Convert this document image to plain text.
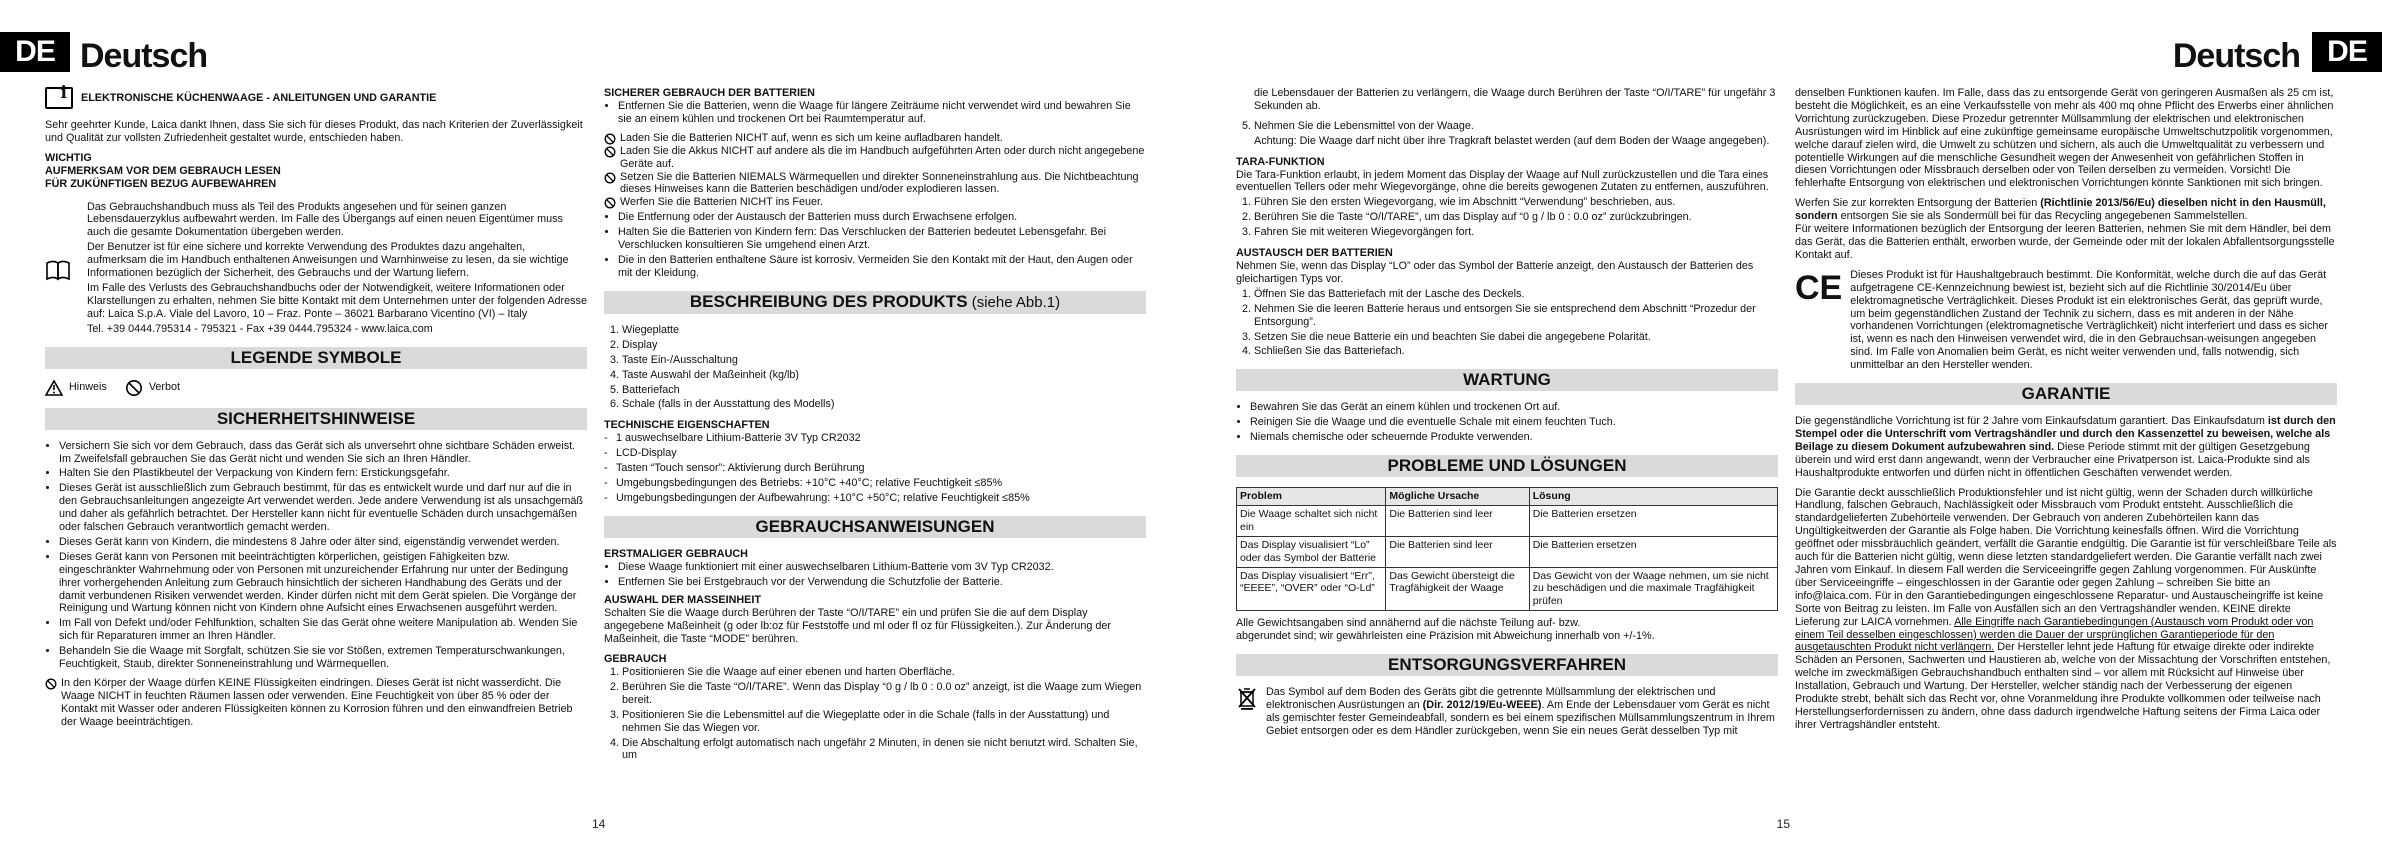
DE Deutsch
i
ELEKTRONISCHE KÜCHENWAAGE - ANLEITUNGEN UND GARANTIE

Sehr geehrter Kunde, Laica dankt Ihnen, dass Sie sich für dieses Produkt, das nach Kriterien der Zuverlässigkeit und Qualität zur vollsten Zufriedenheit gestaltet wurde, entschieden haben.

WICHTIG

AUFMERKSAM VOR DEM GEBRAUCH LESEN

FÜR ZUKÜNFTIGEN BEZUG AUFBEWAHREN

Das Gebrauchshandbuch muss als Teil des Produkts angesehen und für seinen ganzen Lebensdauerzyklus aufbewahrt werden. Im Falle des Übergangs auf einen neuen Eigentümer muss auch die gesamte Dokumentation übergeben werden.

Der Benutzer ist für eine sichere und korrekte Verwendung des Produktes dazu angehalten, aufmerksam die im Handbuch enthaltenen Anweisungen und Warnhinweise zu lesen, da sie wichtige Informationen bezüglich der Sicherheit, des Gebrauchs und der Wartung liefern.

Im Falle des Verlusts des Gebrauchshandbuchs oder der Notwendigkeit, weitere Informationen oder Klarstellungen zu erhalten, nehmen Sie bitte Kontakt mit dem Unternehmen unter der folgenden Adresse auf: Laica S.p.A. Viale del Lavoro, 10 – Fraz. Ponte – 36021 Barbarano Vicentino (VI) – Italy

Tel. +39 0444.795314 - 795321 - Fax +39 0444.795324 - www.laica.com

LEGENDE SYMBOLE
Hinweis	Verbot
SICHERHEITSHINWEISE
• Versichern Sie sich vor dem Gebrauch, dass das Gerät sich als unversehrt ohne sichtbare Schäden erweist. Im Zweifelsfall gebrauchen Sie das Gerät nicht und wenden Sie sich an Ihren Händler.
• Halten Sie den Plastikbeutel der Verpackung von Kindern fern: Erstickungsgefahr.
• Dieses Gerät ist ausschließlich zum Gebrauch bestimmt, für das es entwickelt wurde und darf nur auf die in den Gebrauchsanleitungen angezeigte Art verwendet werden. Jede andere Verwendung ist als unsachgemäß und daher als gefährlich betrachtet. Der Hersteller kann nicht für eventuelle Schäden durch unsachgemäßen oder falschen Gebrauch verantwortlich gemacht werden.
• Dieses Gerät kann von Kindern, die mindestens 8 Jahre oder älter sind, eigenständig verwendet werden.
• Dieses Gerät kann von Personen mit beeinträchtigten körperlichen, geistigen Fähigkeiten bzw. eingeschränkter Wahrnehmung oder von Personen mit unzureichender Erfahrung nur unter der Bedingung ihrer vorhergehenden Anleitung zum Gebrauch hinsichtlich der sicheren Handhabung des Geräts und der damit verbundenen Risiken verwendet werden. Kinder dürfen nicht mit dem Gerät spielen. Die Vorgänge der Reinigung und Wartung können nicht von Kindern ohne Aufsicht eines Erwachsenen ausgeführt werden.
• Im Fall von Defekt und/oder Fehlfunktion, schalten Sie das Gerät ohne weitere Manipulation ab. Wenden Sie sich für Reparaturen immer an Ihren Händler.
• Behandeln Sie die Waage mit Sorgfalt, schützen Sie sie vor Stößen, extremen Temperaturschwankungen, Feuchtigkeit, Staub, direkter Sonneneinstrahlung und Wärmequellen.
In den Körper der Waage dürfen KEINE Flüssigkeiten eindringen. Dieses Gerät ist nicht wasserdicht. Die Waage NICHT in feuchten Räumen lassen oder verwenden. Eine Feuchtigkeit von über 85 % oder der Kontakt mit Wasser oder anderen Flüssigkeiten können zu Korrosion führen und den einwandfreien Betrieb der Waage beeinträchtigen.

SICHERER GEBRAUCH DER BATTERIEN

• Entfernen Sie die Batterien, wenn die Waage für längere Zeiträume nicht verwendet wird und bewahren Sie sie an einem kühlen und trockenen Ort bei Raumtemperatur auf.
Laden Sie die Batterien NICHT auf, wenn es sich um keine aufladbaren handelt.
Laden Sie die Akkus NICHT auf andere als die im Handbuch aufgeführten Arten oder durch nicht angegebene Geräte auf.
Setzen Sie die Batterien NIEMALS Wärmequellen und direkter Sonneneinstrahlung aus. Die Nichtbeachtung dieses Hinweises kann die Batterien beschädigen und/oder explodieren lassen.
Werfen Sie die Batterien NICHT ins Feuer.
• Die Entfernung oder der Austausch der Batterien muss durch Erwachsene erfolgen.
• Halten Sie die Batterien von Kindern fern: Das Verschlucken der Batterien bedeutet Lebensgefahr. Bei Verschlucken konsultieren Sie umgehend einen Arzt.
• Die in den Batterien enthaltene Säure ist korrosiv. Vermeiden Sie den Kontakt mit der Haut, den Augen oder mit der Kleidung.
BESCHREIBUNG DES PRODUKTS (siehe Abb.1)
1. Wiegeplatte
2. Display
3. Taste Ein-/Ausschaltung
4. Taste Auswahl der Maßeinheit (kg/lb)
5. Batteriefach
6. Schale (falls in der Ausstattung des Modells)

TECHNISCHE EIGENSCHAFTEN

- 1 auswechselbare Lithium-Batterie 3V Typ CR2032
- LCD-Display
- Tasten “Touch sensor”: Aktivierung durch Berührung
- Umgebungsbedingungen des Betriebs: +10°C +40°C; relative Feuchtigkeit ≤85%
- Umgebungsbedingungen der Aufbewahrung: +10°C +50°C; relative Feuchtigkeit ≤85%
GEBRAUCHSANWEISUNGEN

ERSTMALIGER GEBRAUCH

• Diese Waage funktioniert mit einer auswechselbaren Lithium-Batterie vom 3V Typ CR2032.
• Entfernen Sie bei Erstgebrauch vor der Verwendung die Schutzfolie der Batterie.

AUSWAHL DER MASSEINHEIT

Schalten Sie die Waage durch Berühren der Taste “O/I/TARE” ein und prüfen Sie die auf dem Display angegebene Maßeinheit (g oder lb:oz für Feststoffe und ml oder fl oz für Flüssigkeiten.). Zur Änderung der Maßeinheit, die Taste “MODE” berühren.

GEBRAUCH

1. Positionieren Sie die Waage auf einer ebenen und harten Oberfläche.
2. Berühren Sie die Taste “O/I/TARE”. Wenn das Display “0 g / lb 0 : 0.0 oz” anzeigt, ist die Waage zum Wiegen bereit.
3. Positionieren Sie die Lebensmittel auf die Wiegeplatte oder in die Schale (falls in der Ausstattung) und nehmen Sie das Wiegen vor.
4. Die Abschaltung erfolgt automatisch nach ungefähr 2 Minuten, in denen sie nicht benutzt wird. Schalten Sie, um
14
DE
Deutsch

die Lebensdauer der Batterien zu verlängern, die Waage durch Berühren der Taste “O/I/TARE” für ungefähr 3 Sekunden ab.

5. Nehmen Sie die Lebensmittel von der Waage.
Achtung: Die Waage darf nicht über ihre Tragkraft belastet werden (auf dem Boden der Waage angegeben).

TARA-FUNKTION

Die Tara-Funktion erlaubt, in jedem Moment das Display der Waage auf Null zurückzustellen und die Tara eines eventuellen Tellers oder mehr Wiegevorgänge, ohne die bereits gewogenen Zutaten zu entfernen, auszuführen.

1. Führen Sie den ersten Wiegevorgang, wie im Abschnitt “Verwendung” beschrieben, aus.
2. Berühren Sie die Taste “O/I/TARE”, um das Display auf “0 g / lb 0 : 0.0 oz” zurückzubringen.
3. Fahren Sie mit weiteren Wiegevorgängen fort.

AUSTAUSCH DER BATTERIEN

Nehmen Sie, wenn das Display “LO” oder das Symbol der Batterie anzeigt, den Austausch der Batterien des gleichartigen Typs vor.

1. Öffnen Sie das Batteriefach mit der Lasche des Deckels.
2. Nehmen Sie die leeren Batterie heraus und entsorgen Sie sie entsprechend dem Abschnitt “Prozedur der Entsorgung”.
3. Setzen Sie die neue Batterie ein und beachten Sie dabei die angegebene Polarität.
4. Schließen Sie das Batteriefach.
WARTUNG
• Bewahren Sie das Gerät an einem kühlen und trockenen Ort auf.
• Reinigen Sie die Waage und die eventuelle Schale mit einem feuchten Tuch.
• Niemals chemische oder scheuernde Produkte verwenden.
PROBLEME UND LÖSUNGEN
Problem	Mögliche Ursache	Lösung
Die Waage schaltet sich nicht ein	Die Batterien sind leer	Die Batterien ersetzen
Das Display visualisiert “Lo” oder das Symbol der Batterie	Die Batterien sind leer	Die Batterien ersetzen
Das Display visualisiert “Err”, “EEEE”, “OVER” oder “O-Ld”	Das Gewicht übersteigt die Tragfähigkeit der Waage	Das Gewicht von der Waage nehmen, um sie nicht zu beschädigen und die maximale Tragfähigkeit prüfen

Alle Gewichtsangaben sind annähernd auf die nächste Teilung auf- bzw.

abgerundet sind; wir gewährleisten eine Präzision mit Abweichung innerhalb von +/-1%.

ENTSORGUNGSVERFAHREN

Das Symbol auf dem Boden des Geräts gibt die getrennte Müllsammlung der elektrischen und elektronischen Ausrüstungen an (Dir. 2012/19/Eu-WEEE). Am Ende der Lebensdauer vom Gerät es nicht als gemischter fester Gemeindeabfall, sondern es bei einem spezifischen Müllsammlungszentrum in Ihrem Gebiet entsorgen oder es dem Händler zurückgeben, wenn Sie ein neues Gerät desselben Typ mit

denselben Funktionen kaufen. Im Falle, dass das zu entsorgende Gerät von geringeren Ausmaßen als 25 cm ist, besteht die Möglichkeit, es an eine Verkaufsstelle von mehr als 400 mq ohne Pflicht des Erwerbs einer ähnlichen Vorrichtung zurückzugeben. Diese Prozedur getrennter Müllsammlung der elektrischen und elektronischen Ausrüstungen wird im Hinblick auf eine zukünftige gemeinsame europäische Umweltschutzpolitik vorgenommen, welche darauf zielen wird, die Umwelt zu schützen und sichern, als auch die Umweltqualität zu verbessern und potentielle Wirkungen auf die menschliche Gesundheit wegen der Anwesenheit von gefährlichen Stoffen in diesen Vorrichtungen oder Missbrauch derselben oder von Teilen derselben zu vermeiden. Vorsicht! Die fehlerhafte Entsorgung von elektrischen und elektronischen Vorrichtungen könnte Sanktionen mit sich bringen.

Werfen Sie zur korrekten Entsorgung der Batterien (Richtlinie 2013/56/Eu) dieselben nicht in den Hausmüll, sondern entsorgen Sie sie als Sondermüll bei für das Recycling angegebenen Sammelstellen.

Für weitere Informationen bezüglich der Entsorgung der leeren Batterien, nehmen Sie mit dem Händler, bei dem das Gerät, das die Batterien enthält, erworben wurde, der Gemeinde oder mit der lokalen Abfallentsorgungsstelle Kontakt auf.

CE Dieses Produkt ist für Haushaltgebrauch bestimmt. Die Konformität, welche durch die auf das Gerät aufgetragene CE-Kennzeichnung bewiest ist, bezieht sich auf die Richtlinie 30/2014/Eu über elektromagnetische Verträglichkeit. Dieses Produkt ist ein elektronisches Gerät, das geprüft wurde, um beim gegenständlichen Zustand der Technik zu sichern, dass es mit anderen in der Nähe vorhandenen Vorrichtungen (elektromagnetische Verträglichkeit) nicht interferiert und dass es sicher ist, wenn es nach den Hinweisen verwendet wird, die in den Gebrauchsan-weisungen angegeben sind. Im Falle von Anomalien beim Gerät, es nicht weiter verwenden und, falls notwendig, sich unmittelbar an den Hersteller wenden.

GARANTIE

Die gegenständliche Vorrichtung ist für 2 Jahre vom Einkaufsdatum garantiert. Das Einkaufsdatum ist durch den Stempel oder die Unterschrift vom Vertragshändler und durch den Kassenzettel zu beweisen, welche als Beilage zu diesem Dokument aufzubewahren sind. Diese Periode stimmt mit der gültigen Gesetzgebung überein und wird erst dann angewandt, wenn der Verbraucher eine Privatperson ist. Laica-Produkte sind als Haushaltprodukte entworfen und dürfen nicht in öffentlichen Geschäften verwendet werden.

Die Garantie deckt ausschließlich Produktionsfehler und ist nicht gültig, wenn der Schaden durch willkürliche Handlung, falschen Gebrauch, Nachlässigkeit oder Missbrauch vom Produkt entsteht. Ausschließlich die standardgelieferten Zubehörteile verwenden. Der Gebrauch von anderen Zubehörteilen kann das Ungültigkeitwerden der Garantie als Folge haben. Die Vorrichtung keinesfalls öffnen. Wird die Vorrichtung geöffnet oder missbräuchlich geändert, verfällt die Garantie endgültig. Die Garantie ist für verschleißbare Teile als auch für die Batterien nicht gültig, wenn diese letzten standardgeliefert werden. Die Garantie verfällt nach zwei Jahren vom Einkauf. In diesem Fall werden die Serviceeingriffe gegen Zahlung vorgenommen. Für Auskünfte über Serviceeingriffe – eingeschlossen in der Garantie oder gegen Zahlung – schreiben Sie bitte an info@laica.com. Für in den Garantiebedingungen eingeschlossene Reparatur- und Austauscheingriffe ist keine Sorte von Beitrag zu leisten. Im Falle von Ausfällen sich an den Vertragshändler wenden. KEINE direkte Lieferung zur LAICA vornehmen. Alle Eingriffe nach Garantiebedingungen (Austausch vom Produkt oder von einem Teil desselben eingeschlossen) werden die Dauer der ursprünglichen Garantieperiode für den ausgetauschten Produkt nicht verlängern. Der Hersteller lehnt jede Haftung für etwaige direkte oder indirekte Schäden an Personen, Sachwerten und Haustieren ab, welche von der Missachtung der Vorschriften entstehen, welche im zweckmäßigen Gebrauchshandbuch enthalten sind – vor allem mit Rücksicht auf Hinweise über Installation, Gebrauch und Wartung. Der Hersteller, welcher ständig nach der Verbesserung der eigenen Produkte strebt, behält sich das Recht vor, ohne Voranmeldung ihre Produkte vollkommen oder teilweise nach Herstellungserfordernissen zu ändern, ohne dass dadurch irgendwelche Haftung seitens der Firma Laica oder ihrer Vertragshändler entsteht.

15
